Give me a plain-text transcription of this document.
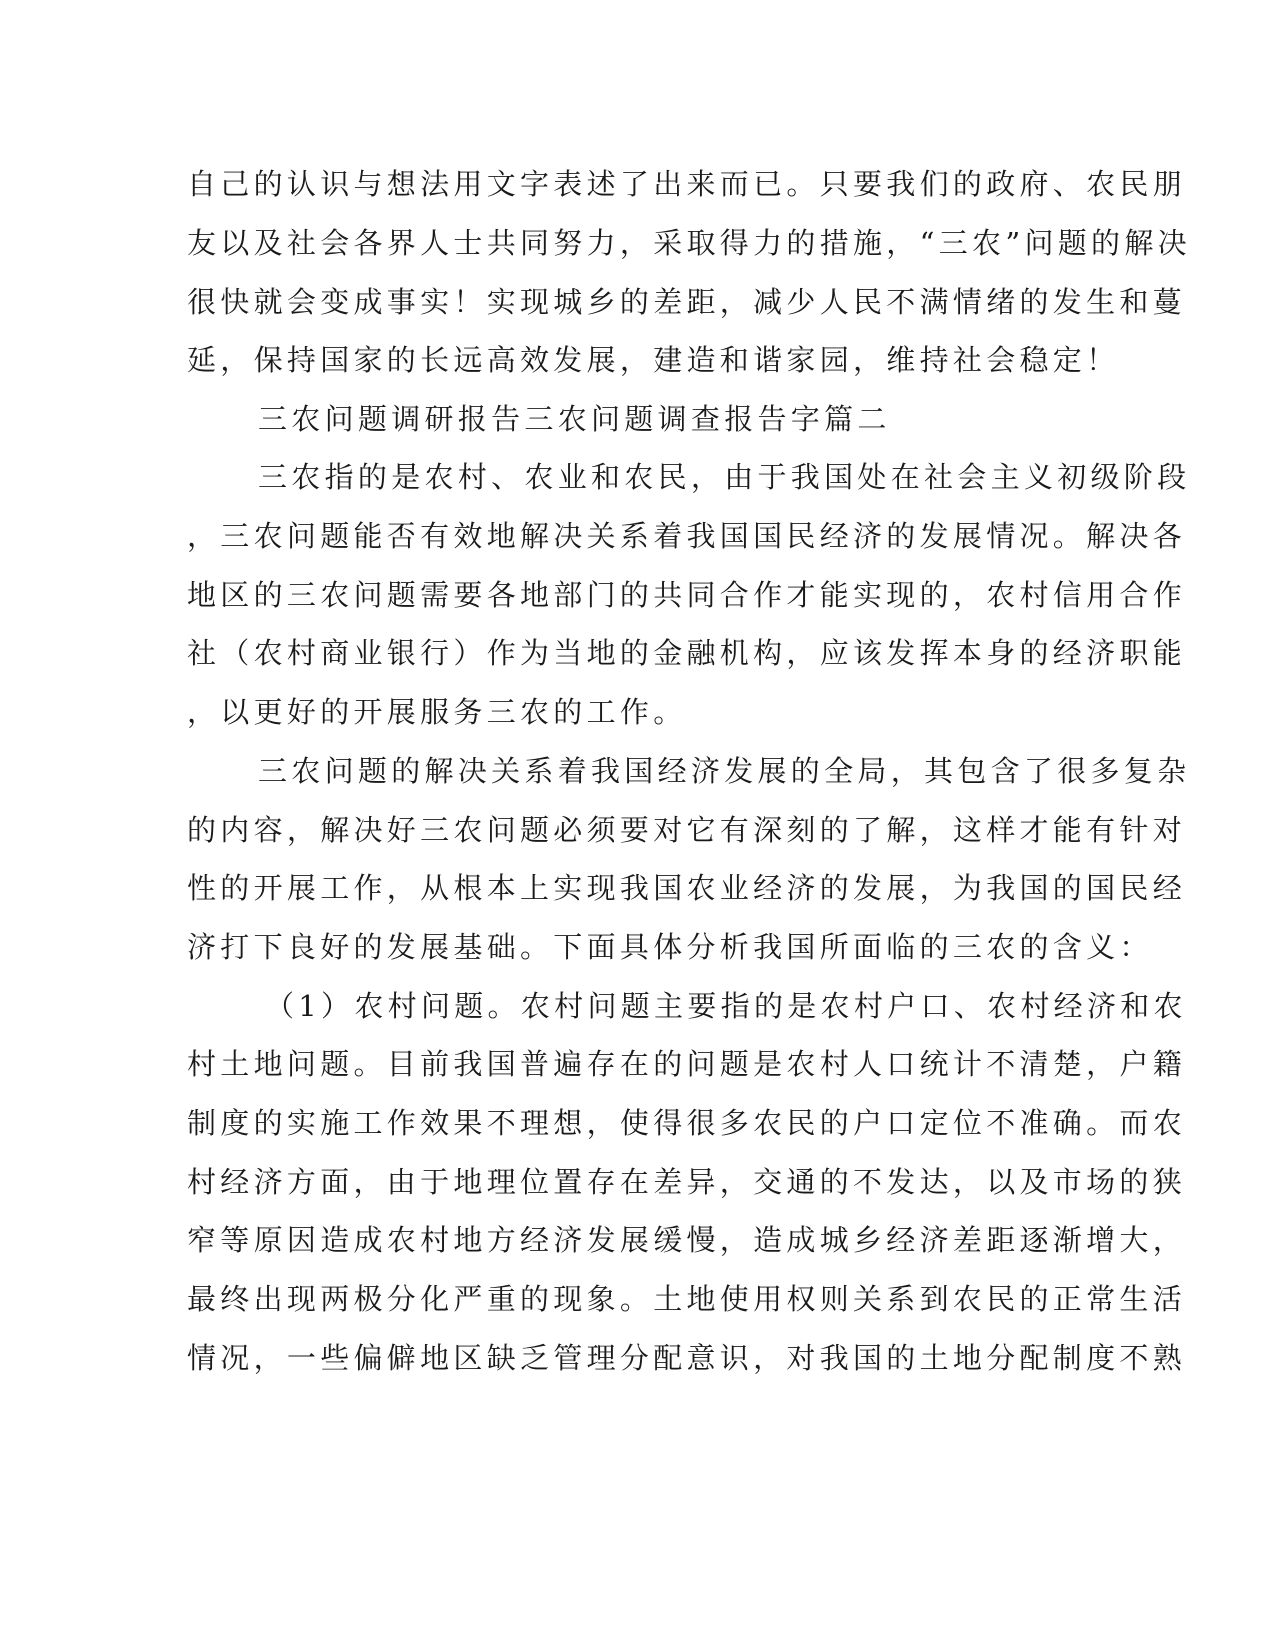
自己的认识与想法用文字表述了出来而已。只要我们的政府、农民朋
友以及社会各界人士共同努力，采取得力的措施，“三农”问题的解决
很快就会变成事实！实现城乡的差距，减少人民不满情绪的发生和蔓
延，保持国家的长远高效发展，建造和谐家园，维持社会稳定！
三农问题调研报告三农问题调查报告字篇二
三农指的是农村、农业和农民，由于我国处在社会主义初级阶段
，三农问题能否有效地解决关系着我国国民经济的发展情况。解决各
地区的三农问题需要各地部门的共同合作才能实现的，农村信用合作
社（农村商业银行）作为当地的金融机构，应该发挥本身的经济职能
，以更好的开展服务三农的工作。
三农问题的解决关系着我国经济发展的全局，其包含了很多复杂
的内容，解决好三农问题必须要对它有深刻的了解，这样才能有针对
性的开展工作，从根本上实现我国农业经济的发展，为我国的国民经
济打下良好的发展基础。下面具体分析我国所面临的三农的含义：
（1）农村问题。农村问题主要指的是农村户口、农村经济和农
村土地问题。目前我国普遍存在的问题是农村人口统计不清楚，户籍
制度的实施工作效果不理想，使得很多农民的户口定位不准确。而农
村经济方面，由于地理位置存在差异，交通的不发达，以及市场的狭
窄等原因造成农村地方经济发展缓慢，造成城乡经济差距逐渐增大，
最终出现两极分化严重的现象。土地使用权则关系到农民的正常生活
情况，一些偏僻地区缺乏管理分配意识，对我国的土地分配制度不熟
